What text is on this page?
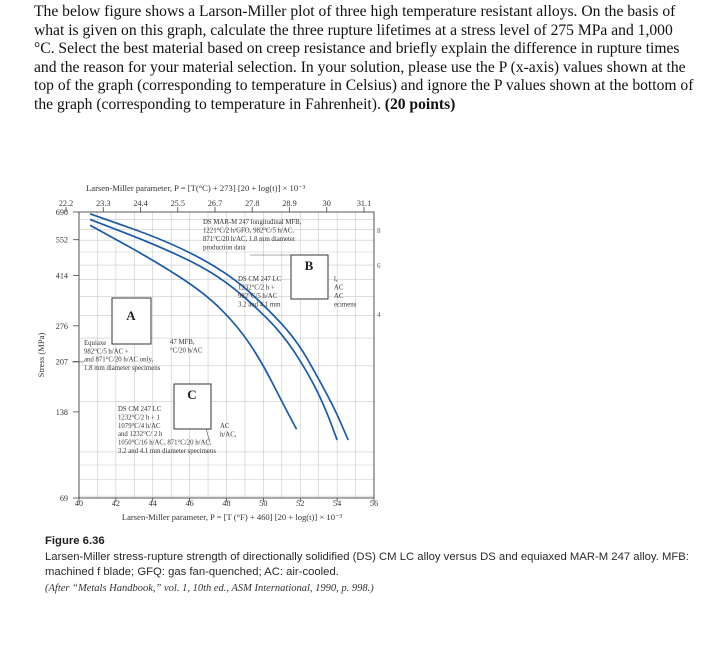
The below figure shows a Larson-Miller plot of three high temperature resistant alloys. On the basis of what is given on this graph, calculate the three rupture lifetimes at a stress level of 275 MPa and 1,000 °C. Select the best material based on creep resistance and briefly explain the difference in rupture times and the reason for your material selection. In your solution, please use the P (x-axis) values shown at the top of the graph (corresponding to temperature in Celsius) and ignore the P values shown at the bottom of the graph (corresponding to temperature in Fahrenheit). (20 points)
22.2	23.3	24.4	25.5	26.7	27.8	28.9	30	31.1
Larsen-Miller parameter, P = [T(°C) + 273] [20 + log(t)] × 10⁻³
40	42	44	46	48	50	52	54	56
Larsen-Miller parameter, P = [T (°F) + 460] [20 + log(t)] × 10⁻³
690
552
414
276
207
138
69
Stress (MPa)
8
6
4
DS MAR-M 247 longitudinal MFB,
1221°C/2 h/GFO, 982°C/5 h/AC,
871°C/20 h/AC, 1.8 mm diameter
production data
DS CM 247 LC
1232°C/2 h +
982°C/5 h/AC
3.2 and 4.1 mm
l,
AC
AC
ecimens
Equiaxe
982°C/5 h/AC +
and 871°C/20 h/AC only,
1.8 mm diameter specimens
47 MFB,
°C/20 h/AC
DS CM 247 LC
1232°C/2 h + 1
1079°C/4 h/AC
and 1232°C/ 2 h
1050°C/16 h/AC, 871°C/20 h/AC,
3.2 and 4.1 mm diameter specimens
AC
h/AC,
A
B
C
Figure 6.36
Larsen-Miller stress-rupture strength of directionally solidified (DS) CM LC alloy versus DS and equiaxed MAR-M 247 alloy. MFB: machined f blade; GFQ: gas fan-quenched; AC: air-cooled.
(After “Metals Handbook,” vol. 1, 10th ed., ASM International, 1990, p. 998.)
